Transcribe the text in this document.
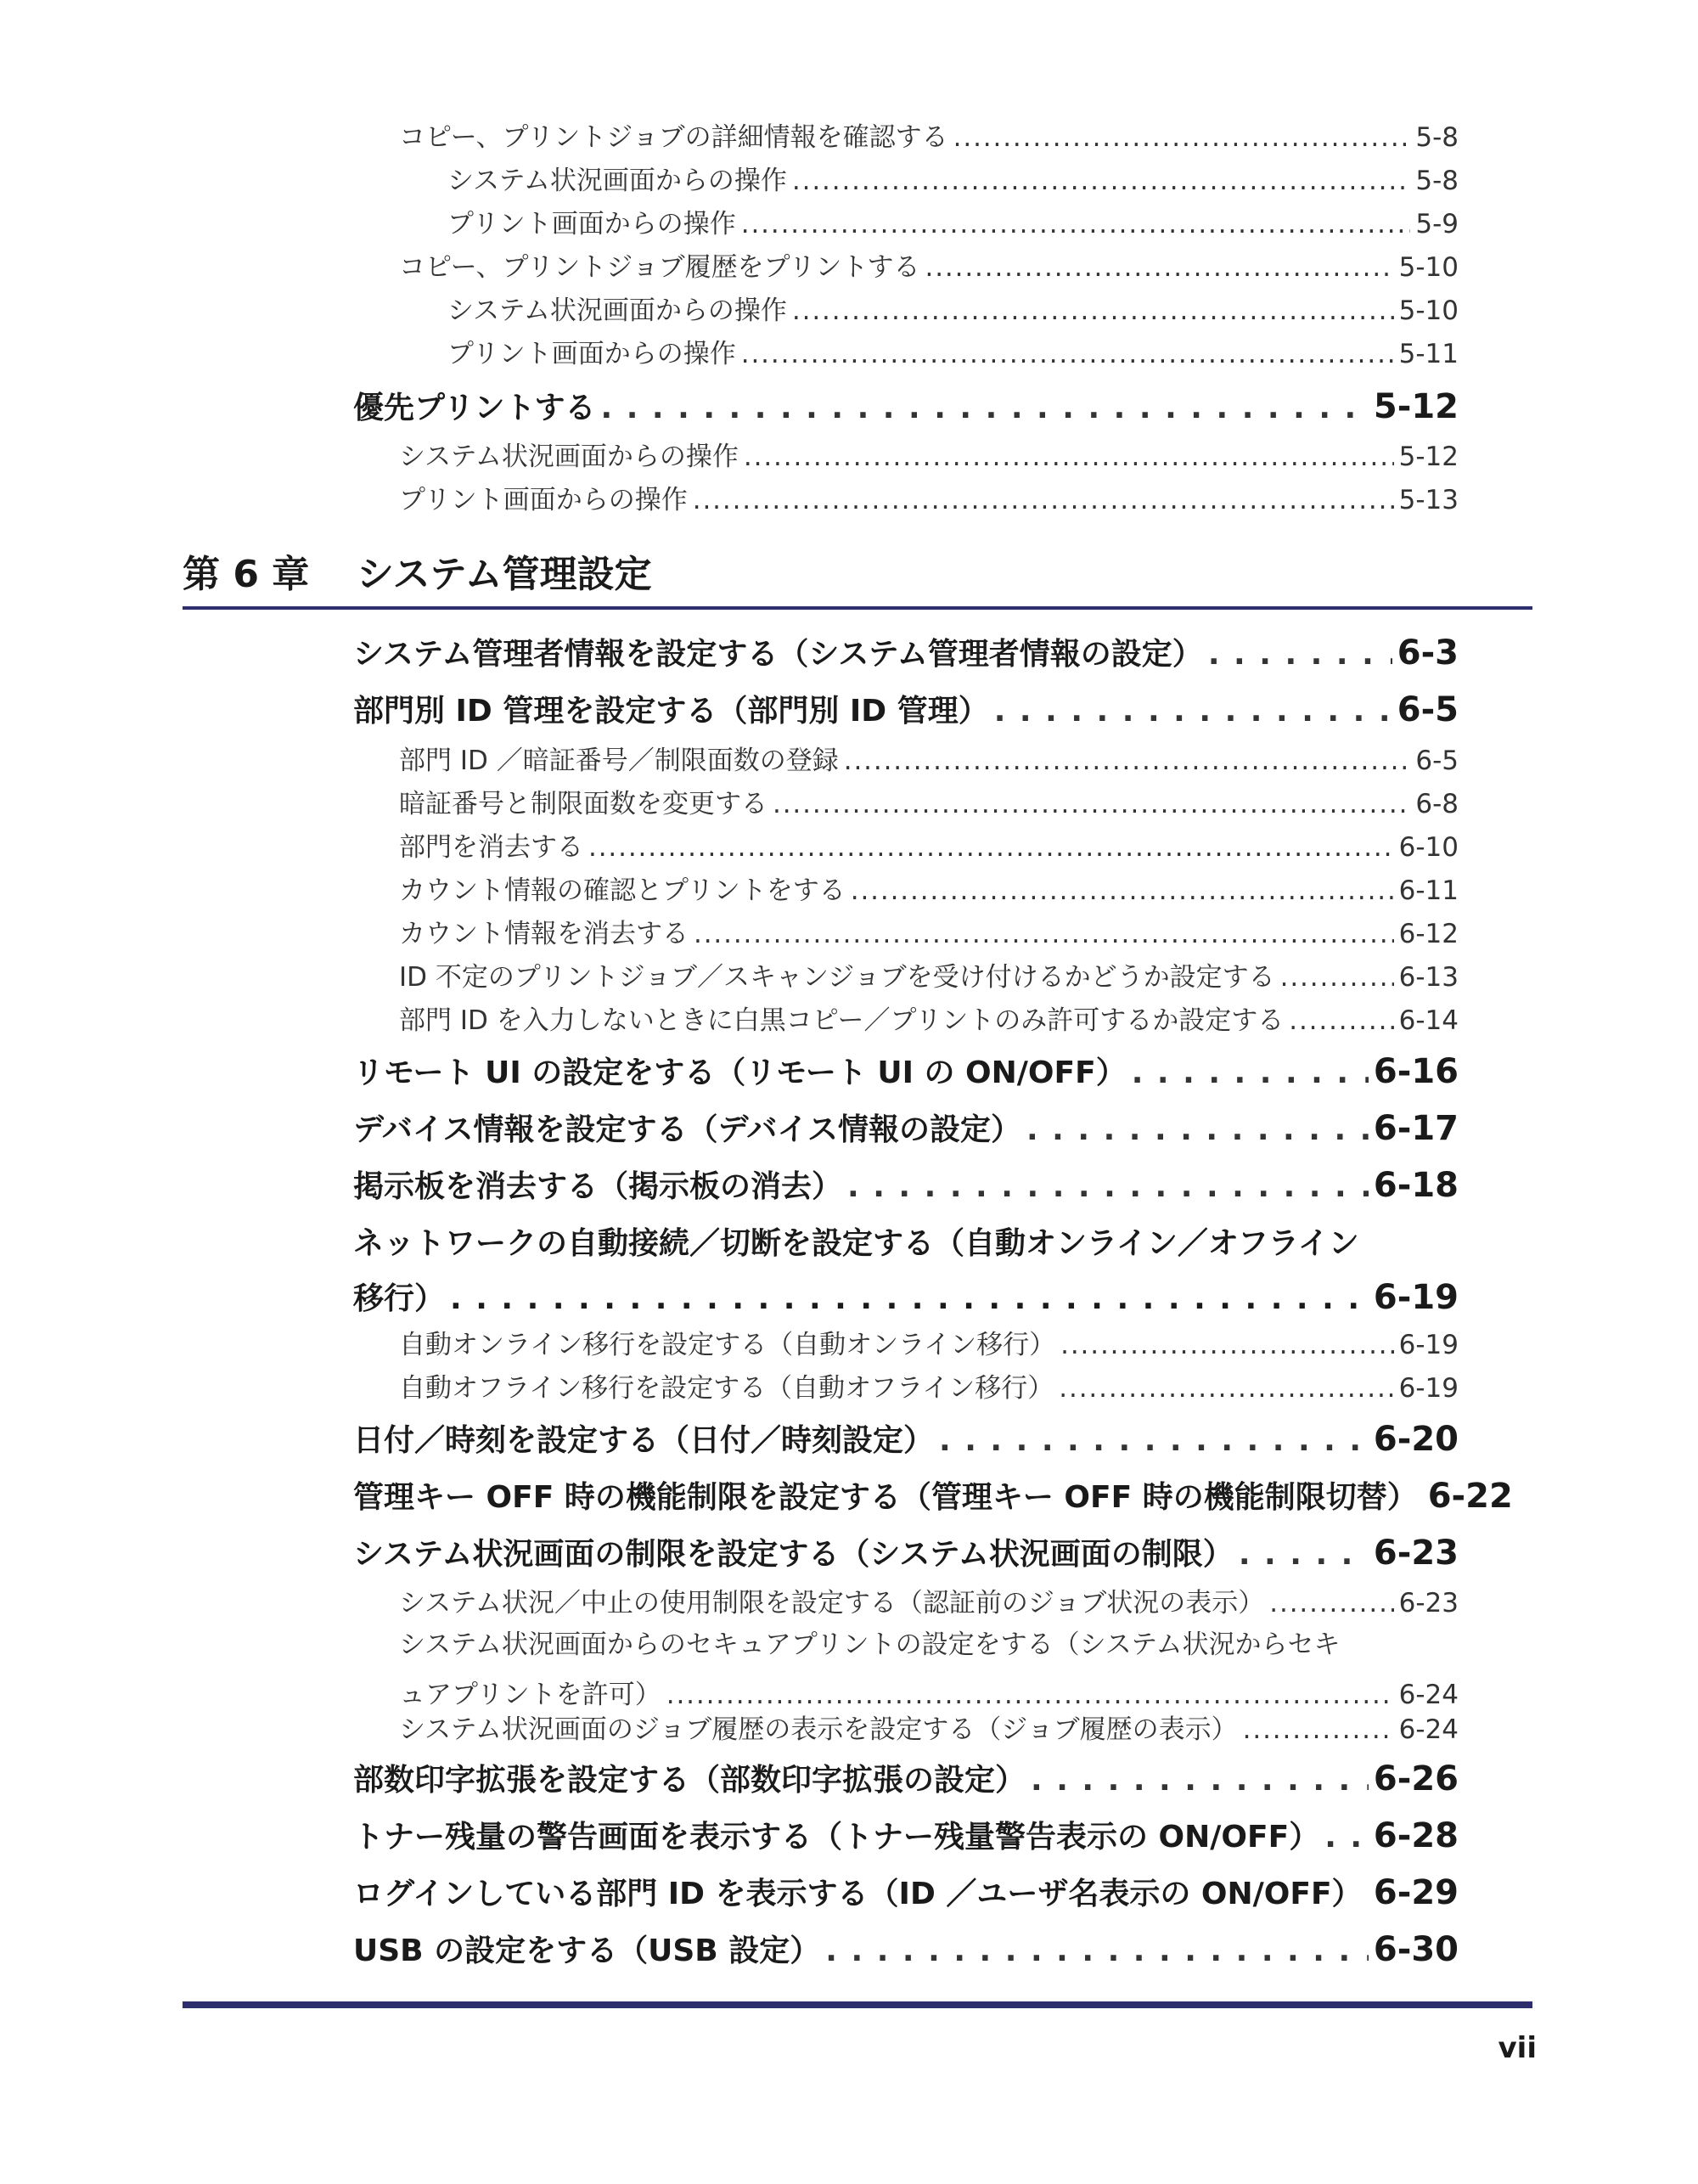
コピー、プリントジョブの詳細情報を確認する . . .	5-8
システム状況画面からの操作 . . .	5-8
プリント画面からの操作 . . .	5-9
コピー、プリントジョブ履歴をプリントする . . .	5-10
システム状況画面からの操作 . . .	5-10
プリント画面からの操作 . . .	5-11
優先プリントする . . .	5-12
システム状況画面からの操作 . . .	5-12
プリント画面からの操作 . . .	5-13
第 6 章	システム管理設定
システム管理者情報を設定する（システム管理者情報の設定） . . .	6-3
部門別 ID 管理を設定する（部門別 ID 管理） . . .	6-5
部門 ID ／暗証番号／制限面数の登録 . . .	6-5
暗証番号と制限面数を変更する . . .	6-8
部門を消去する . . .	6-10
カウント情報の確認とプリントをする . . .	6-11
カウント情報を消去する . . .	6-12
ID 不定のプリントジョブ／スキャンジョブを受け付けるかどうか設定する . . .	6-13
部門 ID を入力しないときに白黒コピー／プリントのみ許可するか設定する . . .	6-14
リモート UI の設定をする（リモート UI の ON/OFF） . . .	6-16
デバイス情報を設定する（デバイス情報の設定） . . .	6-17
掲示板を消去する（掲示板の消去） . . .	6-18
ネットワークの自動接続／切断を設定する（自動オンライン／オフライン
移行） . . .	6-19
自動オンライン移行を設定する（自動オンライン移行） . . .	6-19
自動オフライン移行を設定する（自動オフライン移行） . . .	6-19
日付／時刻を設定する（日付／時刻設定） . . .	6-20
管理キー OFF 時の機能制限を設定する（管理キー OFF 時の機能制限切替） 6-22
システム状況画面の制限を設定する（システム状況画面の制限） . . .	6-23
システム状況／中止の使用制限を設定する（認証前のジョブ状況の表示） . . .	6-23
システム状況画面からのセキュアプリントの設定をする（システム状況からセキ
ュアプリントを許可） . . .	6-24
システム状況画面のジョブ履歴の表示を設定する（ジョブ履歴の表示） . . .	6-24
部数印字拡張を設定する（部数印字拡張の設定） . . .	6-26
トナー残量の警告画面を表示する（トナー残量警告表示の ON/OFF） . . . 6-28
ログインしている部門 ID を表示する（ID ／ユーザ名表示の ON/OFF） . . . 6-29
USB の設定をする（USB 設定） . . .	6-30
vii
